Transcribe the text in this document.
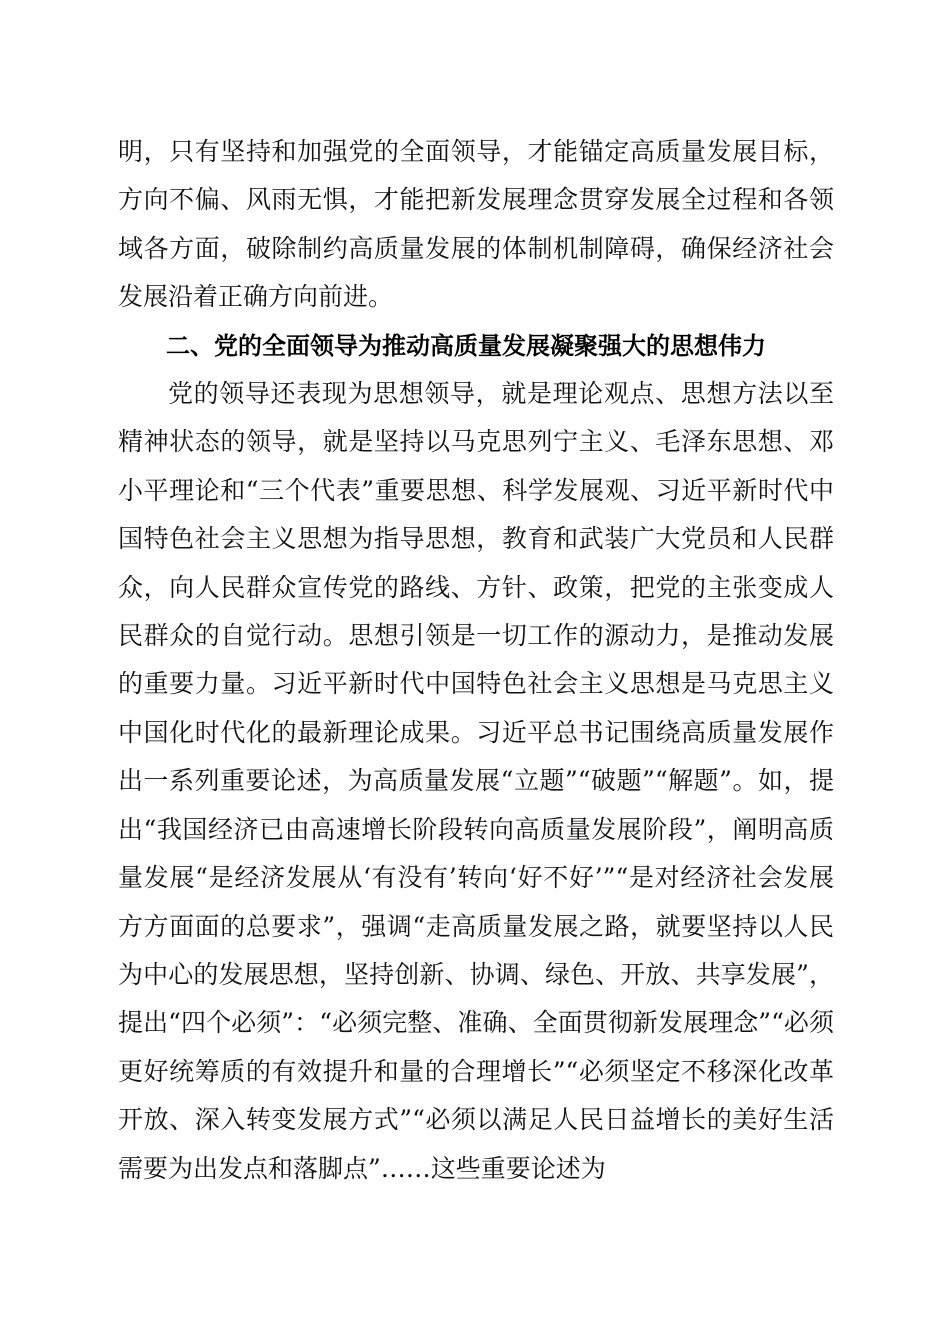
明，只有坚持和加强党的全面领导，才能锚定高质量发展目标，方向不偏、风雨无惧，才能把新发展理念贯穿发展全过程和各领域各方面，破除制约高质量发展的体制机制障碍，确保经济社会发展沿着正确方向前进。

二、党的全面领导为推动高质量发展凝聚强大的思想伟力

党的领导还表现为思想领导，就是理论观点、思想方法以至精神状态的领导，就是坚持以马克思列宁主义、毛泽东思想、邓小平理论和“三个代表”重要思想、科学发展观、习近平新时代中国特色社会主义思想为指导思想，教育和武装广大党员和人民群众，向人民群众宣传党的路线、方针、政策，把党的主张变成人民群众的自觉行动。思想引领是一切工作的源动力，是推动发展的重要力量。习近平新时代中国特色社会主义思想是马克思主义中国化时代化的最新理论成果。习近平总书记围绕高质量发展作出一系列重要论述，为高质量发展“立题”“破题”“解题”。如，提出“我国经济已由高速增长阶段转向高质量发展阶段”，阐明高质量发展“是经济发展从‘有没有’转向‘好不好’”“是对经济社会发展方方面面的总要求”，强调“走高质量发展之路，就要坚持以人民为中心的发展思想，坚持创新、协调、绿色、开放、共享发展”，提出“四个必须”：“必须完整、准确、全面贯彻新发展理念”“必须更好统筹质的有效提升和量的合理增长”“必须坚定不移深化改革开放、深入转变发展方式”“必须以满足人民日益增长的美好生活需要为出发点和落脚点”……这些重要论述为
